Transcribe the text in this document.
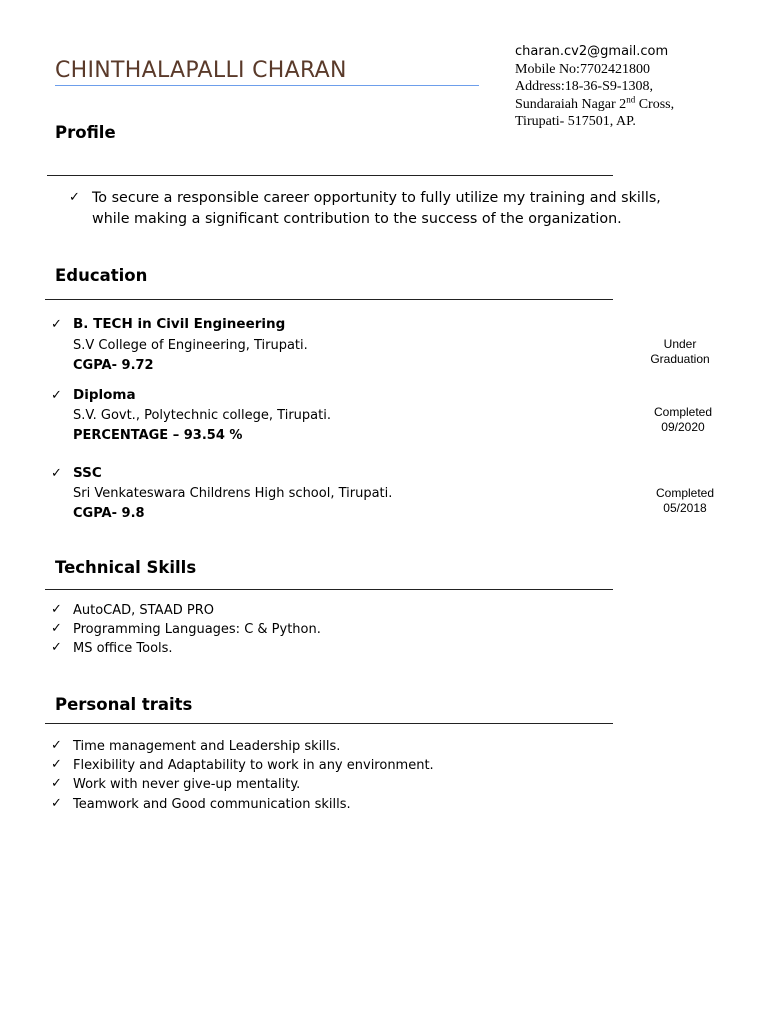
CHINTHALAPALLI CHARAN
charan.cv2@gmail.com
Mobile No:7702421800
Address:18-36-S9-1308,
Sundaraiah Nagar 2nd Cross,
Tirupati- 517501, AP.
Profile
✓ To secure a responsible career opportunity to fully utilize my training and skills, while making a significant contribution to the success of the organization.
Education
✓ B. TECH in Civil Engineering
S.V College of Engineering, Tirupati.
CGPA- 9.72
Under
Graduation
✓ Diploma
S.V. Govt., Polytechnic college, Tirupati.
PERCENTAGE – 93.54 %
Completed
09/2020
✓ SSC
Sri Venkateswara Childrens High school, Tirupati.
CGPA- 9.8
Completed
05/2018
Technical Skills
✓ AutoCAD, STAAD PRO
✓ Programming Languages: C & Python.
✓ MS office Tools.
Personal traits
✓ Time management and Leadership skills.
✓ Flexibility and Adaptability to work in any environment.
✓ Work with never give-up mentality.
✓ Teamwork and Good communication skills.
